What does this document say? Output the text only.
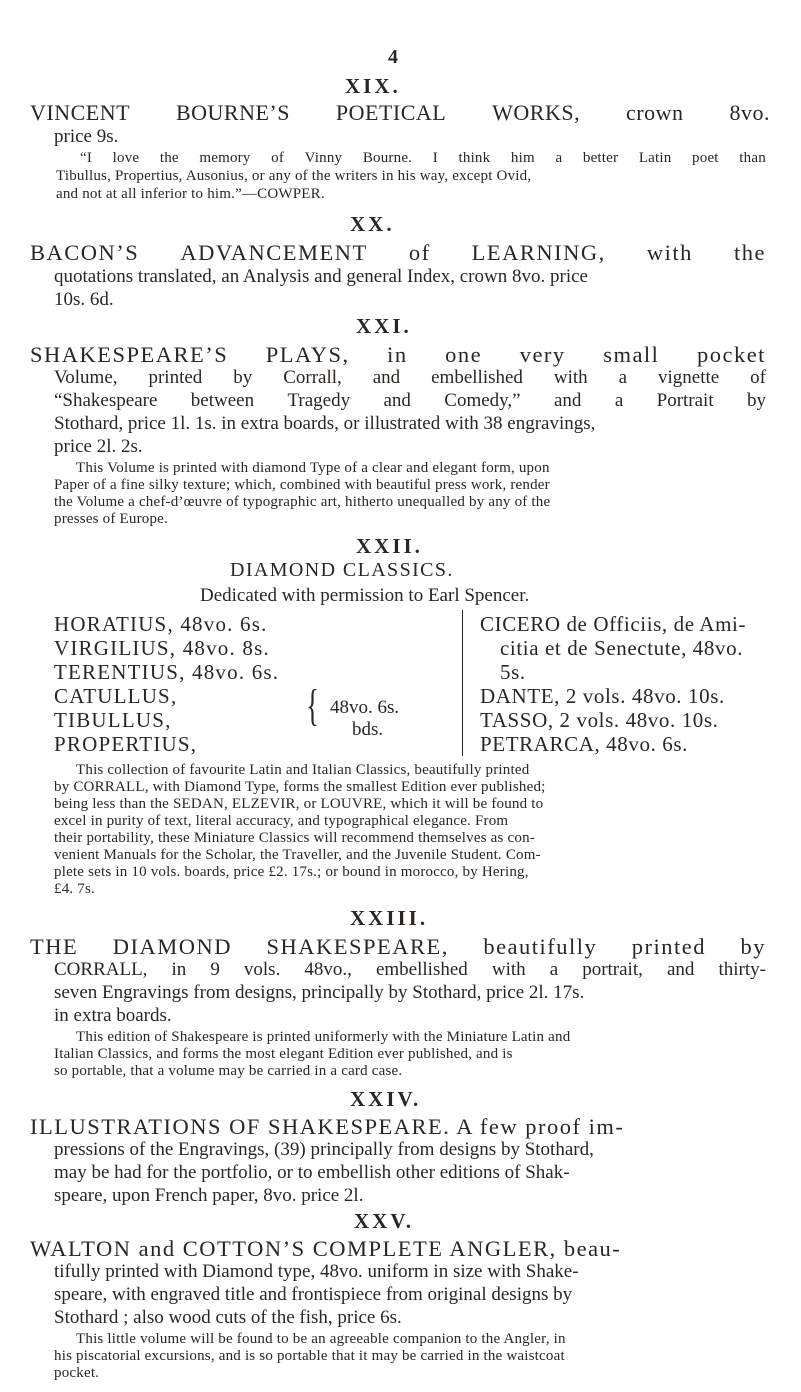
4
XIX.
VINCENT BOURNE’S POETICAL WORKS, crown 8vo.
price 9s.
“I love the memory of Vinny Bourne. I think him a better Latin poet than
Tibullus, Propertius, Ausonius, or any of the writers in his way, except Ovid,
and not at all inferior to him.”—COWPER.
XX.
BACON’S ADVANCEMENT of LEARNING, with the
quotations translated, an Analysis and general Index, crown 8vo. price
10s. 6d.
XXI.
SHAKESPEARE’S PLAYS, in one very small pocket
Volume, printed by Corrall, and embellished with a vignette of
“Shakespeare between Tragedy and Comedy,” and a Portrait by
Stothard, price 1l. 1s. in extra boards, or illustrated with 38 engravings,
price 2l. 2s.
This Volume is printed with diamond Type of a clear and elegant form, upon
Paper of a fine silky texture; which, combined with beautiful press work, render
the Volume a chef-d’œuvre of typographic art, hitherto unequalled by any of the
presses of Europe.
XXII.
DIAMOND CLASSICS.
Dedicated with permission to Earl Spencer.
HORATIUS, 48vo. 6s.
VIRGILIUS, 48vo. 8s.
TERENTIUS, 48vo. 6s.
CATULLUS,
TIBULLUS,
PROPERTIUS,
{ 48vo. 6s.
bds.
CICERO de Officiis, de Ami-
citia et de Senectute, 48vo.
5s.
DANTE, 2 vols. 48vo. 10s.
TASSO, 2 vols. 48vo. 10s.
PETRARCA, 48vo. 6s.
This collection of favourite Latin and Italian Classics, beautifully printed
by CORRALL, with Diamond Type, forms the smallest Edition ever published;
being less than the SEDAN, ELZEVIR, or LOUVRE, which it will be found to
excel in purity of text, literal accuracy, and typographical elegance. From
their portability, these Miniature Classics will recommend themselves as con-
venient Manuals for the Scholar, the Traveller, and the Juvenile Student. Com-
plete sets in 10 vols. boards, price £2. 17s.; or bound in morocco, by Hering,
£4. 7s.
XXIII.
THE DIAMOND SHAKESPEARE, beautifully printed by
CORRALL, in 9 vols. 48vo., embellished with a portrait, and thirty-
seven Engravings from designs, principally by Stothard, price 2l. 17s.
in extra boards.
This edition of Shakespeare is printed uniformerly with the Miniature Latin and
Italian Classics, and forms the most elegant Edition ever published, and is
so portable, that a volume may be carried in a card case.
XXIV.
ILLUSTRATIONS OF SHAKESPEARE. A few proof im-
pressions of the Engravings, (39) principally from designs by Stothard,
may be had for the portfolio, or to embellish other editions of Shak-
speare, upon French paper, 8vo. price 2l.
XXV.
WALTON and COTTON’S COMPLETE ANGLER, beau-
tifully printed with Diamond type, 48vo. uniform in size with Shake-
speare, with engraved title and frontispiece from original designs by
Stothard ; also wood cuts of the fish, price 6s.
This little volume will be found to be an agreeable companion to the Angler, in
his piscatorial excursions, and is so portable that it may be carried in the waistcoat
pocket.
